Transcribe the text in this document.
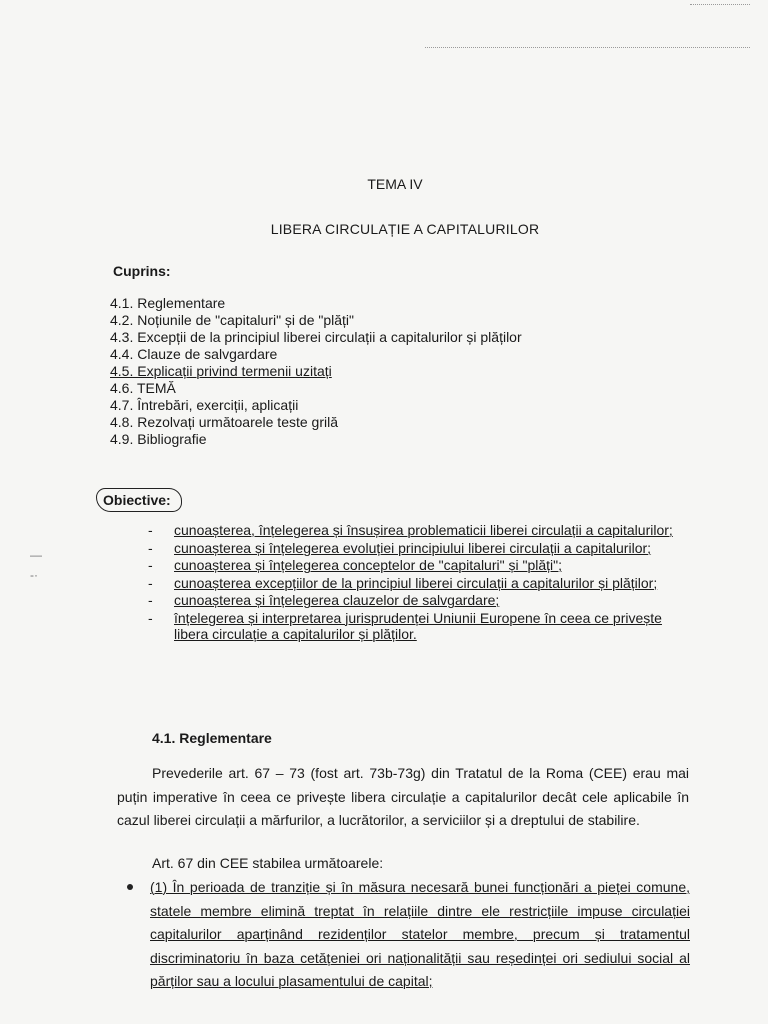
—
-·
TEMA IV
LIBERA CIRCULAȚIE A CAPITALURILOR
Cuprins:
4.1. Reglementare
4.2. Noțiunile de "capitaluri" și de "plăți"
4.3. Excepții de la principiul liberei circulații a capitalurilor și plăților
4.4. Clauze de salvgardare
4.5. Explicații privind termenii uzitați
4.6. TEMĂ
4.7. Întrebări, exerciții, aplicații
4.8. Rezolvați următoarele teste grilă
4.9. Bibliografie
Obiective:
- cunoașterea, înțelegerea și însușirea problematicii liberei circulații a capitalurilor;
- cunoașterea și înțelegerea evoluției principiului liberei circulații a capitalurilor;
- cunoașterea și înțelegerea conceptelor de "capitaluri" și "plăți";
- cunoașterea excepțiilor de la principiul liberei circulații a capitalurilor și plăților;
- cunoașterea și înțelegerea clauzelor de salvgardare;
- înțelegerea și interpretarea jurisprudenței Uniunii Europene în ceea ce privește libera circulație a capitalurilor și plăților.
4.1. Reglementare

Prevederile art. 67 – 73 (fost art. 73b-73g) din Tratatul de la Roma (CEE) erau mai puțin imperative în ceea ce privește libera circulație a capitalurilor decât cele aplicabile în cazul liberei circulații a mărfurilor, a lucrătorilor, a serviciilor și a dreptului de stabilire.

Art. 67 din CEE stabilea următoarele:

(1) În perioada de tranziție și în măsura necesară bunei funcționări a pieței comune, statele membre elimină treptat în relațiile dintre ele restricțiile impuse circulației capitalurilor aparținând rezidenților statelor membre, precum și tratamentul discriminatoriu în baza cetățeniei ori naționalității sau reședinței ori sediului social al părților sau a locului plasamentului de capital;
